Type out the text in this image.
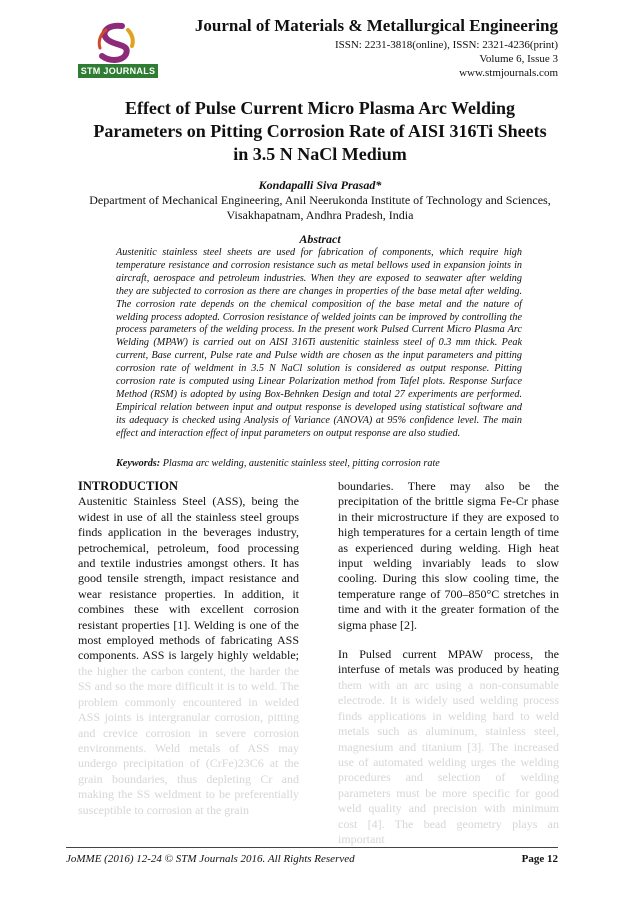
STM JOURNALS
Journal of Materials & Metallurgical Engineering
ISSN: 2231-3818(online), ISSN: 2321-4236(print)
Volume 6, Issue 3
www.stmjournals.com
Effect of Pulse Current Micro Plasma Arc Welding Parameters on Pitting Corrosion Rate of AISI 316Ti Sheets in 3.5 N NaCl Medium
Kondapalli Siva Prasad*
Department of Mechanical Engineering, Anil Neerukonda Institute of Technology and Sciences, Visakhapatnam, Andhra Pradesh, India
Abstract
Austenitic stainless steel sheets are used for fabrication of components, which require high temperature resistance and corrosion resistance such as metal bellows used in expansion joints in aircraft, aerospace and petroleum industries. When they are exposed to seawater after welding they are subjected to corrosion as there are changes in properties of the base metal after welding. The corrosion rate depends on the chemical composition of the base metal and the nature of welding process adopted. Corrosion resistance of welded joints can be improved by controlling the process parameters of the welding process. In the present work Pulsed Current Micro Plasma Arc Welding (MPAW) is carried out on AISI 316Ti austenitic stainless steel of 0.3 mm thick. Peak current, Base current, Pulse rate and Pulse width are chosen as the input parameters and pitting corrosion rate of weldment in 3.5 N NaCl solution is considered as output response. Pitting corrosion rate is computed using Linear Polarization method from Tafel plots. Response Surface Method (RSM) is adopted by using Box-Behnken Design and total 27 experiments are performed. Empirical relation between input and output response is developed using statistical software and its adequacy is checked using Analysis of Variance (ANOVA) at 95% confidence level. The main effect and interaction effect of input parameters on output response are also studied.
Keywords: Plasma arc welding, austenitic stainless steel, pitting corrosion rate
INTRODUCTION

Austenitic Stainless Steel (ASS), being the widest in use of all the stainless steel groups finds application in the beverages industry, petrochemical, petroleum, food processing and textile industries amongst others. It has good tensile strength, impact resistance and wear resistance properties. In addition, it combines these with excellent corrosion resistant properties [1]. Welding is one of the most employed methods of fabricating ASS components. ASS is largely highly weldable; the higher the carbon content, the harder the SS and so the more difficult it is to weld. The problem commonly encountered in welded ASS joints is intergranular corrosion, pitting and crevice corrosion in severe corrosion environments. Weld metals of ASS may undergo precipitation of (CrFe)23C6 at the grain boundaries, thus depleting Cr and making the SS weldment to be preferentially susceptible to corrosion at the grain

boundaries. There may also be the precipitation of the brittle sigma Fe-Cr phase in their microstructure if they are exposed to high temperatures for a certain length of time as experienced during welding. High heat input welding invariably leads to slow cooling. During this slow cooling time, the temperature range of 700–850°C stretches in time and with it the greater formation of the sigma phase [2].

In Pulsed current MPAW process, the interfuse of metals was produced by heating them with an arc using a non-consumable electrode. It is widely used welding process finds applications in welding hard to weld metals such as aluminum, stainless steel, magnesium and titanium [3]. The increased use of automated welding urges the welding procedures and selection of welding parameters must be more specific for good weld quality and precision with minimum cost [4]. The bead geometry plays an important

JoMME (2016) 12-24 © STM Journals 2016. All Rights Reserved	Page 12
